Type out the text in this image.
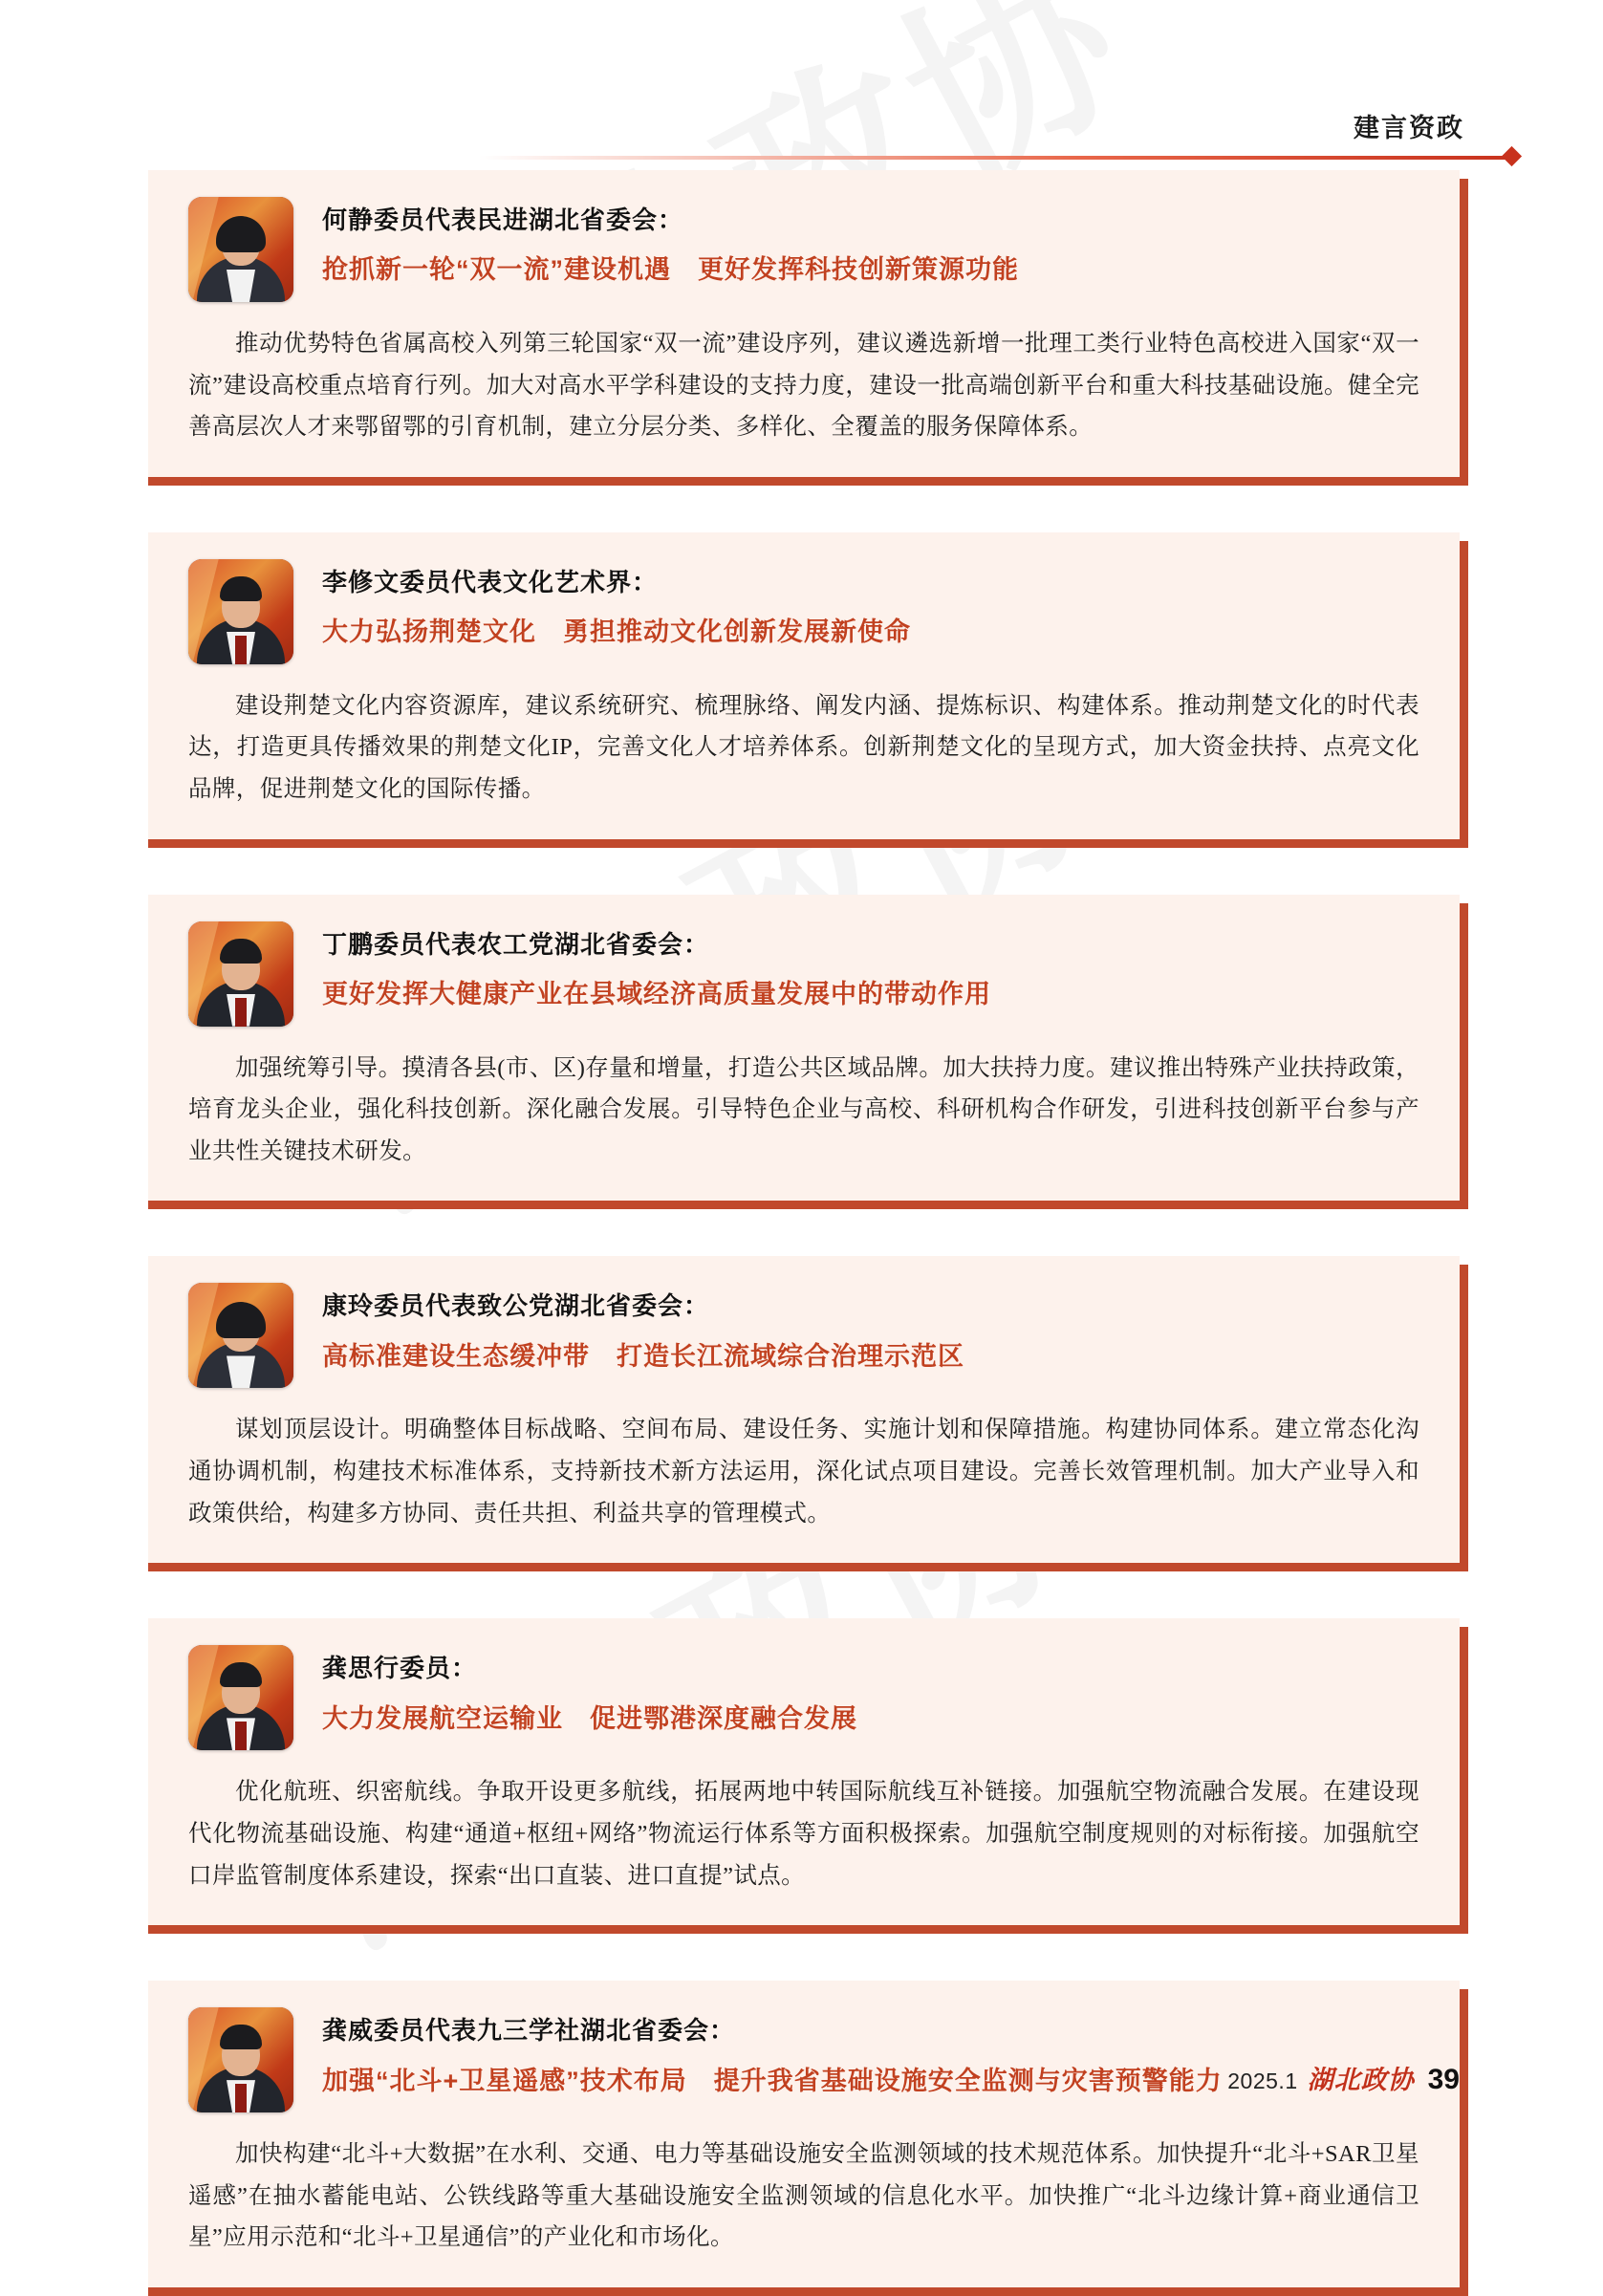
建言资政
何静委员代表民进湖北省委会：
抢抓新一轮“双一流”建设机遇　更好发挥科技创新策源功能
推动优势特色省属高校入列第三轮国家“双一流”建设序列，建议遴选新增一批理工类行业特色高校进入国家“双一流”建设高校重点培育行列。加大对高水平学科建设的支持力度，建设一批高端创新平台和重大科技基础设施。健全完善高层次人才来鄂留鄂的引育机制，建立分层分类、多样化、全覆盖的服务保障体系。
李修文委员代表文化艺术界：
大力弘扬荆楚文化　勇担推动文化创新发展新使命
建设荆楚文化内容资源库，建议系统研究、梳理脉络、阐发内涵、提炼标识、构建体系。推动荆楚文化的时代表达，打造更具传播效果的荆楚文化IP，完善文化人才培养体系。创新荆楚文化的呈现方式，加大资金扶持、点亮文化品牌，促进荆楚文化的国际传播。
丁鹏委员代表农工党湖北省委会：
更好发挥大健康产业在县域经济高质量发展中的带动作用
加强统筹引导。摸清各县(市、区)存量和增量，打造公共区域品牌。加大扶持力度。建议推出特殊产业扶持政策，培育龙头企业，强化科技创新。深化融合发展。引导特色企业与高校、科研机构合作研发，引进科技创新平台参与产业共性关键技术研发。
康玲委员代表致公党湖北省委会：
高标准建设生态缓冲带　打造长江流域综合治理示范区
谋划顶层设计。明确整体目标战略、空间布局、建设任务、实施计划和保障措施。构建协同体系。建立常态化沟通协调机制，构建技术标准体系，支持新技术新方法运用，深化试点项目建设。完善长效管理机制。加大产业导入和政策供给，构建多方协同、责任共担、利益共享的管理模式。
龚思行委员：
大力发展航空运输业　促进鄂港深度融合发展
优化航班、织密航线。争取开设更多航线，拓展两地中转国际航线互补链接。加强航空物流融合发展。在建设现代化物流基础设施、构建“通道+枢纽+网络”物流运行体系等方面积极探索。加强航空制度规则的对标衔接。加强航空口岸监管制度体系建设，探索“出口直装、进口直提”试点。
龚威委员代表九三学社湖北省委会：
加强“北斗+卫星遥感”技术布局　提升我省基础设施安全监测与灾害预警能力
加快构建“北斗+大数据”在水利、交通、电力等基础设施安全监测领域的技术规范体系。加快提升“北斗+SAR卫星遥感”在抽水蓄能电站、公铁线路等重大基础设施安全监测领域的信息化水平。加快推广“北斗边缘计算+商业通信卫星”应用示范和“北斗+卫星通信”的产业化和市场化。
2025.1 湖北政协 39
